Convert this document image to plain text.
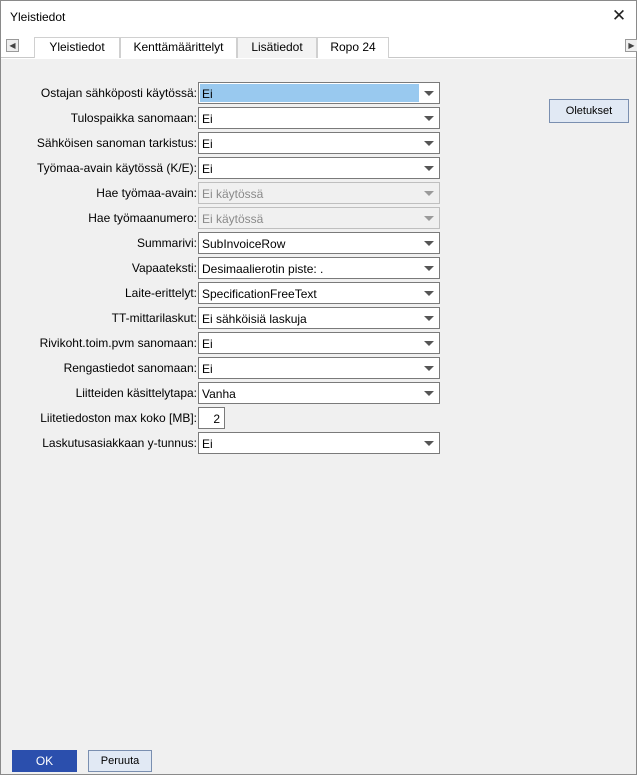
Yleistiedot	✕
◀	Yleistiedot	Kenttämäärittelyt	Lisätiedot	Ropo 24	▶
Ostajan sähköposti käytössä: Ei
Tulospaikka sanomaan: Ei
Sähköisen sanoman tarkistus: Ei
Työmaa-avain käytössä (K/E): Ei
Hae työmaa-avain: Ei käytössä
Hae työmaanumero: Ei käytössä
Summarivi: SubInvoiceRow
Vapaateksti: Desimaalierotin piste: .
Laite-erittelyt: SpecificationFreeText
TT-mittarilaskut: Ei sähköisiä laskuja
Rivikoht.toim.pvm sanomaan: Ei
Rengastiedot sanomaan: Ei
Liitteiden käsittelytapa: Vanha
Liitetiedoston max koko [MB]: 2
Laskutusasiakkaan y-tunnus: Ei
Oletukset
OK	Peruuta
